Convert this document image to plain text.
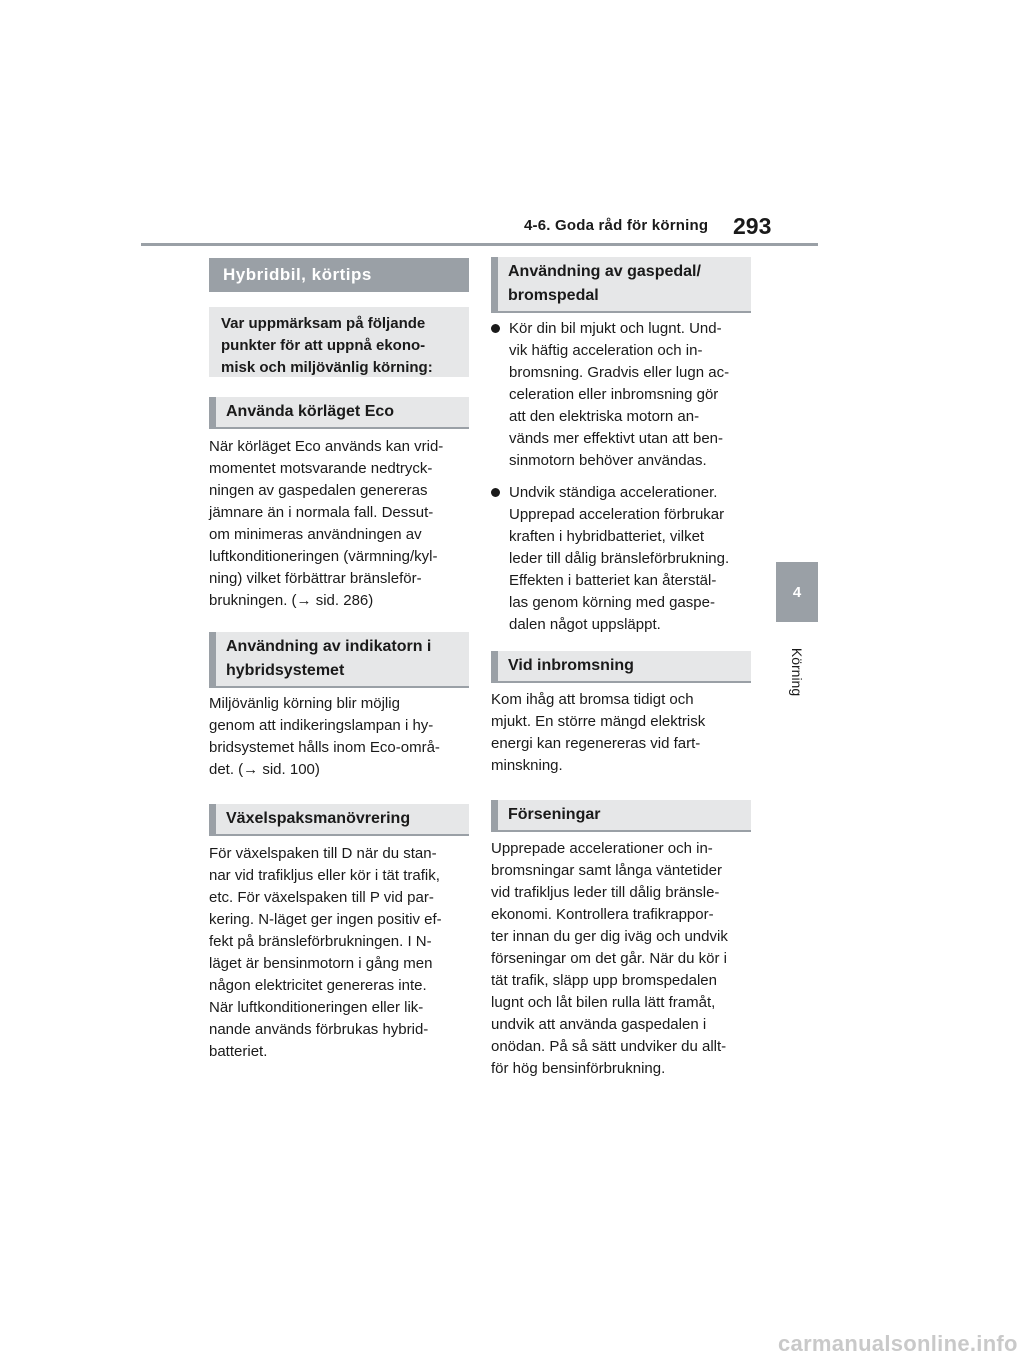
4-6. Goda råd för körning 293
4
Körning
Hybridbil, körtips
Var uppmärksam på följande punkter för att uppnå ekono- misk och miljövänlig körning:
Använda körläget Eco

När körläget Eco används kan vrid-

momentet motsvarande nedtryck-

ningen av gaspedalen genereras

jämnare än i normala fall. Dessut-

om minimeras användningen av

luftkonditioneringen (värmning/kyl-

ning) vilket förbättrar bränsleför-

brukningen. (→ sid. 286)

Användning av indikatorn i hybridsystemet

Miljövänlig körning blir möjlig

genom att indikeringslampan i hy-

bridsystemet hålls inom Eco-områ-

det. (→ sid. 100)

Växelspaksmanövrering

För växelspaken till D när du stan-

nar vid trafikljus eller kör i tät trafik,

etc. För växelspaken till P vid par-

kering. N-läget ger ingen positiv ef-

fekt på bränsleförbrukningen. I N-

läget är bensinmotorn i gång men

någon elektricitet genereras inte.

När luftkonditioneringen eller lik-

nande används förbrukas hybrid-

batteriet.

Användning av gaspedal/ bromspedal

Kör din bil mjukt och lugnt. Und-

vik häftig acceleration och in-

bromsning. Gradvis eller lugn ac-

celeration eller inbromsning gör

att den elektriska motorn an-

vänds mer effektivt utan att ben-

sinmotorn behöver användas.

Undvik ständiga accelerationer.

Upprepad acceleration förbrukar

kraften i hybridbatteriet, vilket

leder till dålig bränsleförbrukning.

Effekten i batteriet kan återstäl-

las genom körning med gaspe-

dalen något uppsläppt.

Vid inbromsning

Kom ihåg att bromsa tidigt och

mjukt. En större mängd elektrisk

energi kan regenereras vid fart-

minskning.

Förseningar

Upprepade accelerationer och in-

bromsningar samt långa väntetider

vid trafikljus leder till dålig bränsle-

ekonomi. Kontrollera trafikrappor-

ter innan du ger dig iväg och undvik

förseningar om det går. När du kör i

tät trafik, släpp upp bromspedalen

lugnt och låt bilen rulla lätt framåt,

undvik att använda gaspedalen i

onödan. På så sätt undviker du allt-

för hög bensinförbrukning.

carmanualsonline.info
